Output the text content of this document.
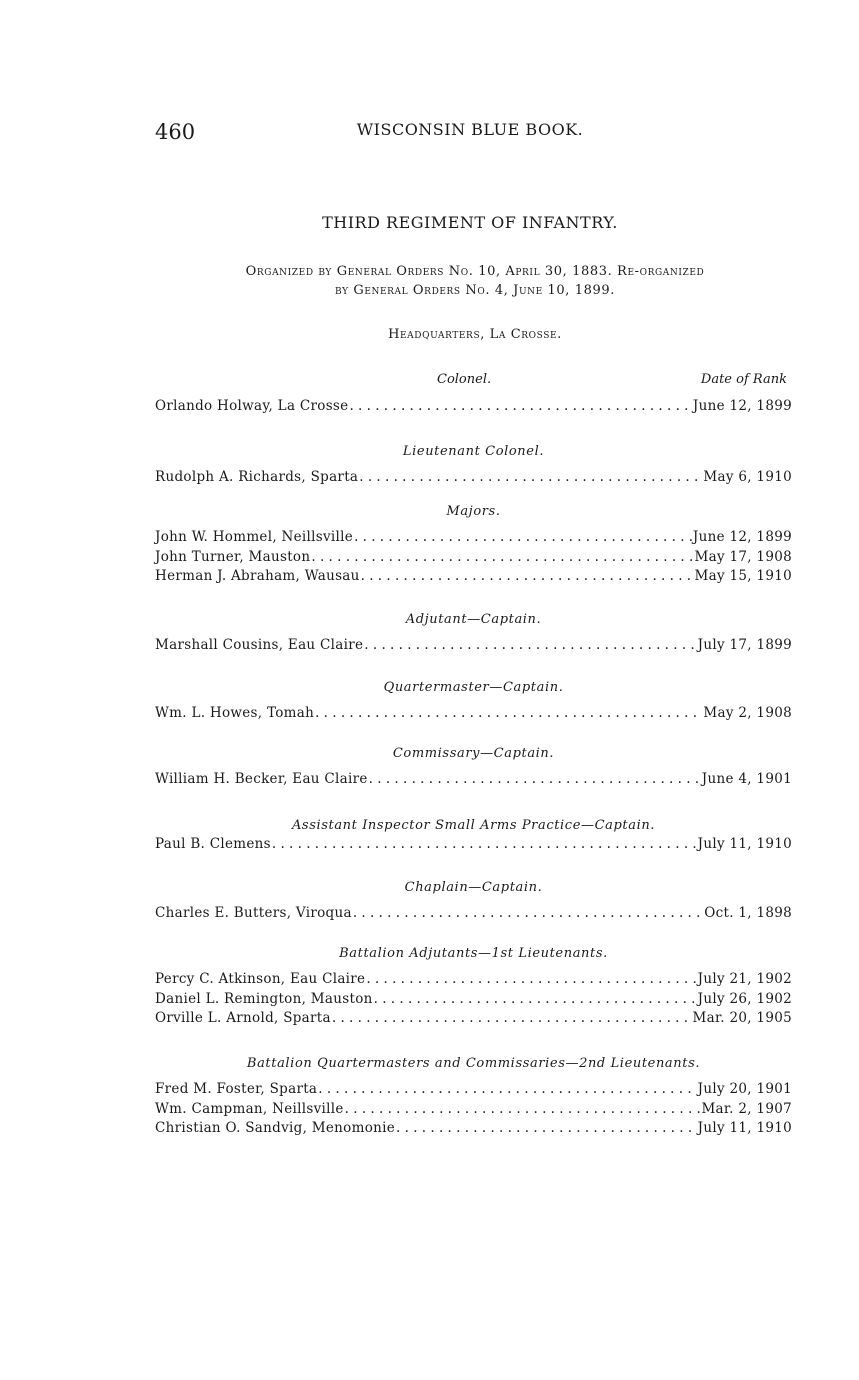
460	WISCONSIN BLUE BOOK.
THIRD REGIMENT OF INFANTRY.
Organized by General Orders No. 10, April 30, 1883. Re-organized
by General Orders No. 4, June 10, 1899.
Headquarters, La Crosse.
Colonel.	Date of Rank
Orlando Holway, La Crosse . . .	June 12, 1899
Lieutenant Colonel.
Rudolph A. Richards, Sparta . . .	May 6, 1910
Majors.
John W. Hommel, Neillsville . . .	June 12, 1899
John Turner, Mauston . . .	May 17, 1908
Herman J. Abraham, Wausau . . .	May 15, 1910
Adjutant—Captain.
Marshall Cousins, Eau Claire . . .	July 17, 1899
Quartermaster—Captain.
Wm. L. Howes, Tomah . . .	May 2, 1908
Commissary—Captain.
William H. Becker, Eau Claire . . .	June 4, 1901
Assistant Inspector Small Arms Practice—Captain.
Paul B. Clemens . . .	July 11, 1910
Chaplain—Captain.
Charles E. Butters, Viroqua . . .	Oct. 1, 1898
Battalion Adjutants—1st Lieutenants.
Percy C. Atkinson, Eau Claire . . .	July 21, 1902
Daniel L. Remington, Mauston . . .	July 26, 1902
Orville L. Arnold, Sparta . . .	Mar. 20, 1905
Battalion Quartermasters and Commissaries—2nd Lieutenants.
Fred M. Foster, Sparta . . .	July 20, 1901
Wm. Campman, Neillsville . . .	Mar. 2, 1907
Christian O. Sandvig, Menomonie . . .	July 11, 1910
